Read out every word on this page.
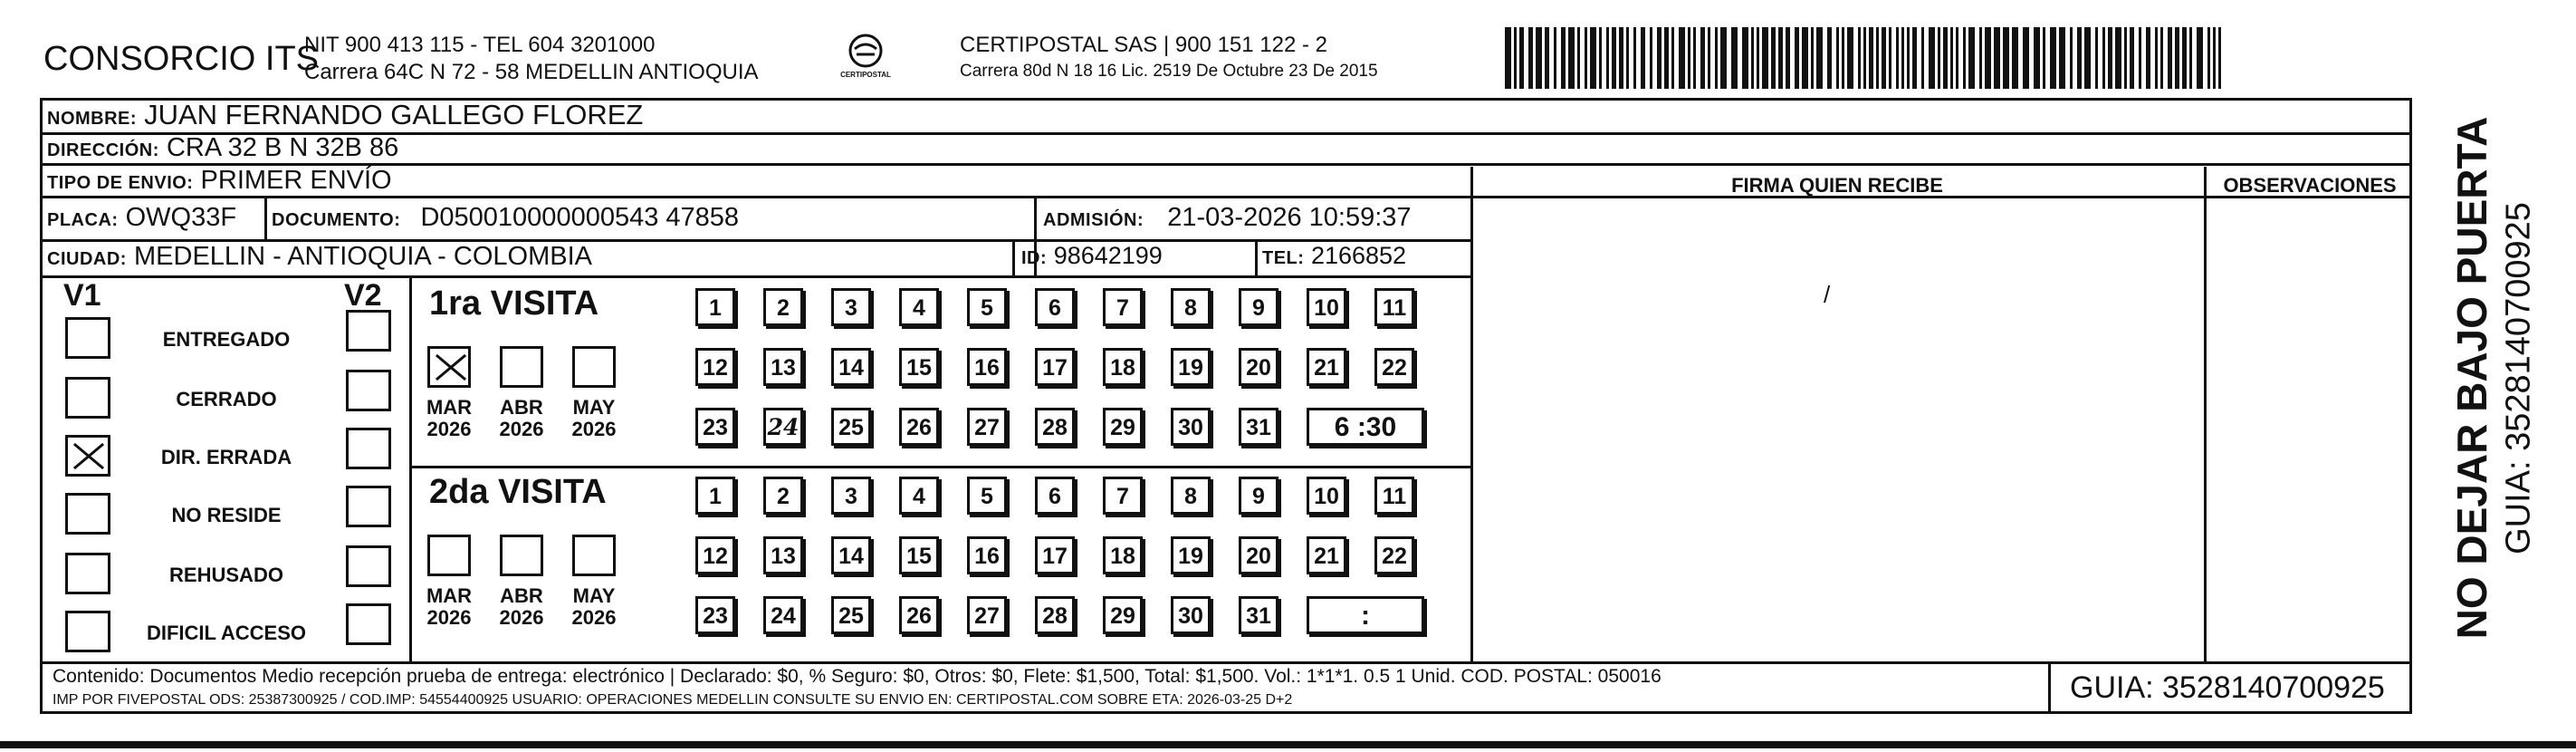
CONSORCIO ITS
NIT 900 413 115 - TEL 604 3201000
Carrera 64C N 72 - 58 MEDELLIN ANTIOQUIA	CERTIPOSTAL
CERTIPOSTAL SAS | 900 151 122 - 2
Carrera 80d N 18 16 Lic. 2519 De Octubre 23 De 2015
NOMBRE: JUAN FERNANDO GALLEGO FLOREZ
DIRECCIÓN: CRA 32 B N 32B 86
TIPO DE ENVIO: PRIMER ENVÍO
PLACA: OWQ33F DOCUMENTO: D050010000000543 47858	ADMISIÓN: 21-03-2026 10:59:37
CIUDAD: MEDELLIN - ANTIOQUIA - COLOMBIA	ID: 98642199	TEL: 2166852
FIRMA QUIEN RECIBE	OBSERVACIONES
/
V1	V2
ENTREGADO
CERRADO
DIR. ERRADA
NO RESIDE
REHUSADO
DIFICIL ACCESO
1ra VISITA
MAR
2026
ABR
2026
MAY
2026
1	2	3	4	5	6	7	8	9	10	11
12	13	14	15	16	17	18	19	20	21	22
23	24	25	26	27	28	29	30	31	6 :30
2da VISITA
MAR
2026
ABR
2026
MAY
2026
1	2	3	4	5	6	7	8	9	10	11
12	13	14	15	16	17	18	19	20	21	22
23	24	25	26	27	28	29	30	31	:
Contenido: Documentos Medio recepción prueba de entrega: electrónico | Declarado: $0, % Seguro: $0, Otros: $0, Flete: $1,500, Total: $1,500. Vol.: 1*1*1. 0.5 1 Unid. COD. POSTAL: 050016
IMP POR FIVEPOSTAL ODS: 25387300925 / COD.IMP: 54554400925 USUARIO: OPERACIONES MEDELLIN CONSULTE SU ENVIO EN: CERTIPOSTAL.COM SOBRE ETA: 2026-03-25 D+2	GUIA: 3528140700925
NO DEJAR BAJO PUERTA GUIA: 3528140700925
